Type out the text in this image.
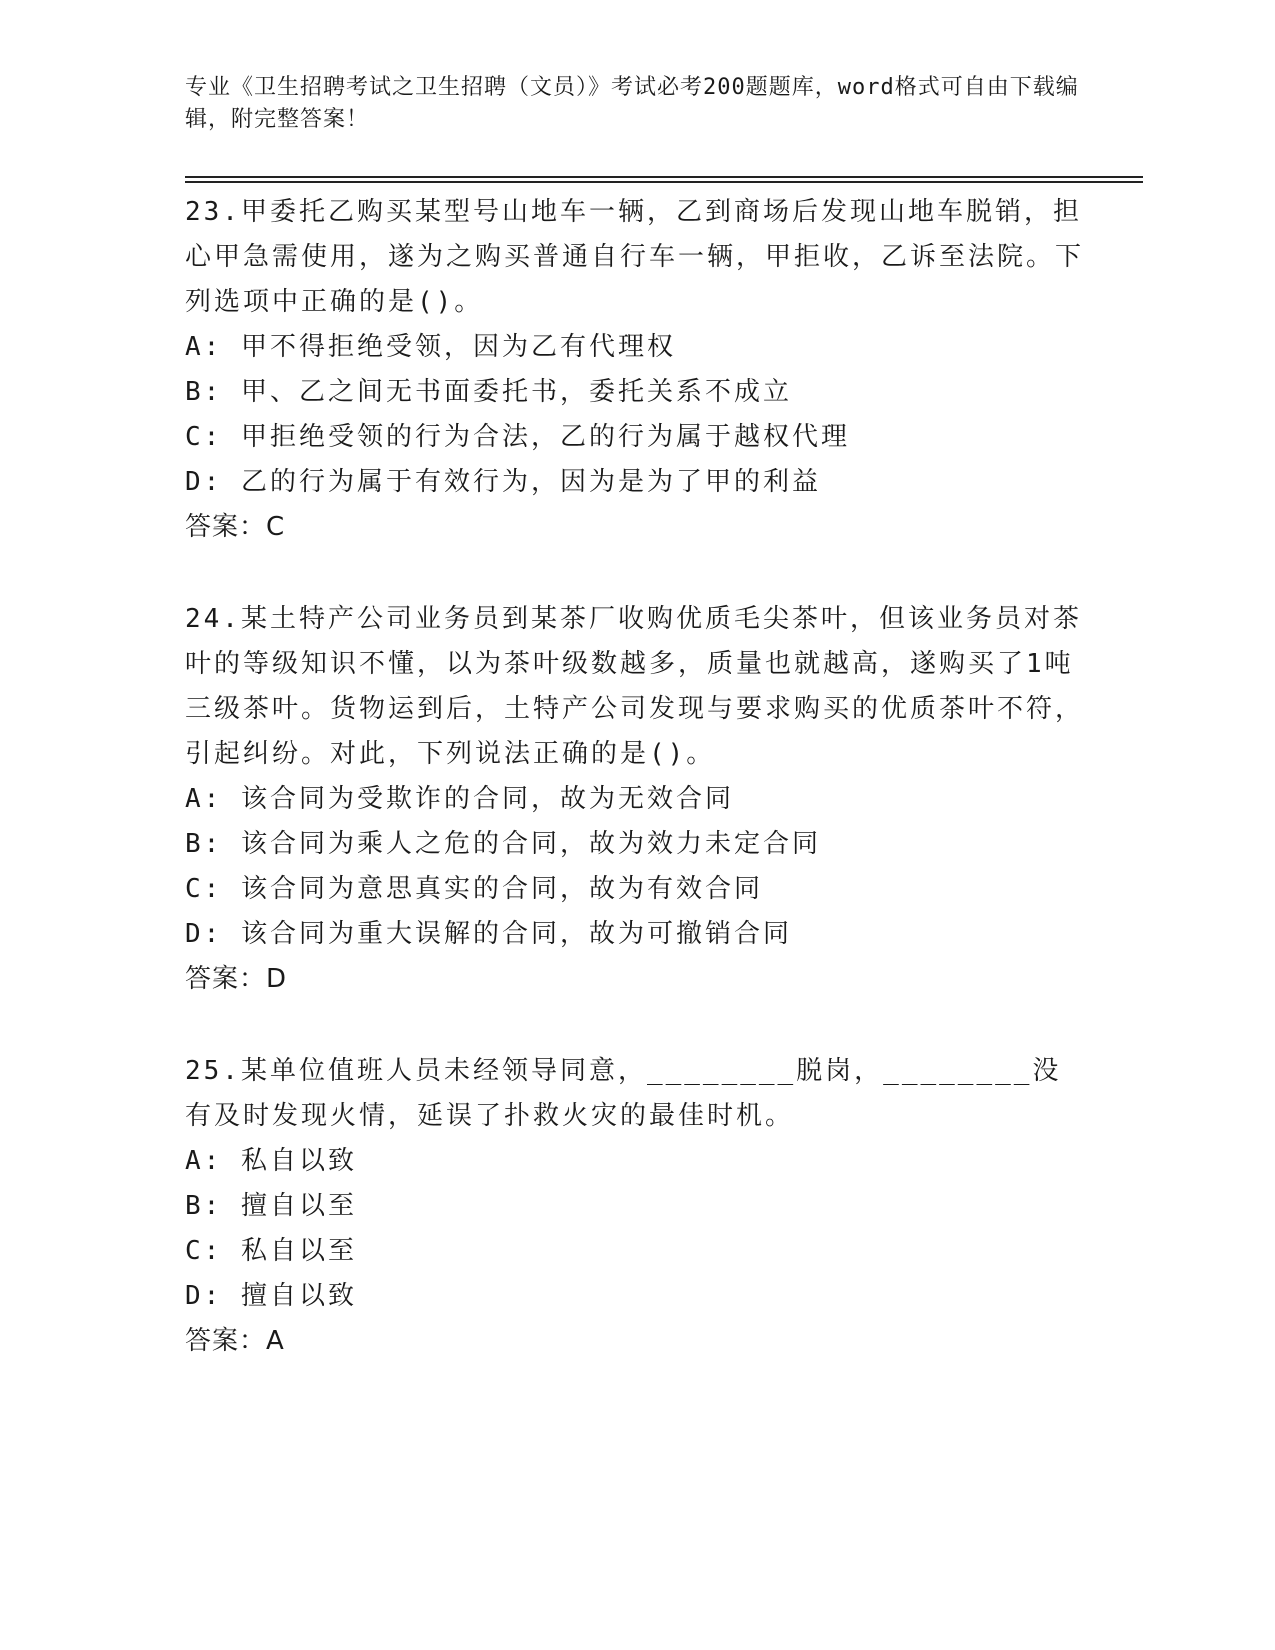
专业《卫生招聘考试之卫生招聘（文员）》考试必考200题题库，word格式可自由下载编辑，附完整答案！

23.甲委托乙购买某型号山地车一辆，乙到商场后发现山地车脱销，担心甲急需使用，遂为之购买普通自行车一辆，甲拒收，乙诉至法院。下列选项中正确的是()。

A: 甲不得拒绝受领，因为乙有代理权

B: 甲、乙之间无书面委托书，委托关系不成立

C: 甲拒绝受领的行为合法，乙的行为属于越权代理

D: 乙的行为属于有效行为，因为是为了甲的利益

答案：C

24.某土特产公司业务员到某茶厂收购优质毛尖茶叶，但该业务员对茶叶的等级知识不懂，以为茶叶级数越多，质量也就越高，遂购买了1吨三级茶叶。货物运到后，土特产公司发现与要求购买的优质茶叶不符，引起纠纷。对此，下列说法正确的是()。

A: 该合同为受欺诈的合同，故为无效合同

B: 该合同为乘人之危的合同，故为效力未定合同

C: 该合同为意思真实的合同，故为有效合同

D: 该合同为重大误解的合同，故为可撤销合同

答案：D

25.某单位值班人员未经领导同意，________脱岗，________没有及时发现火情，延误了扑救火灾的最佳时机。

A: 私自以致

B: 擅自以至

C: 私自以至

D: 擅自以致

答案：A
